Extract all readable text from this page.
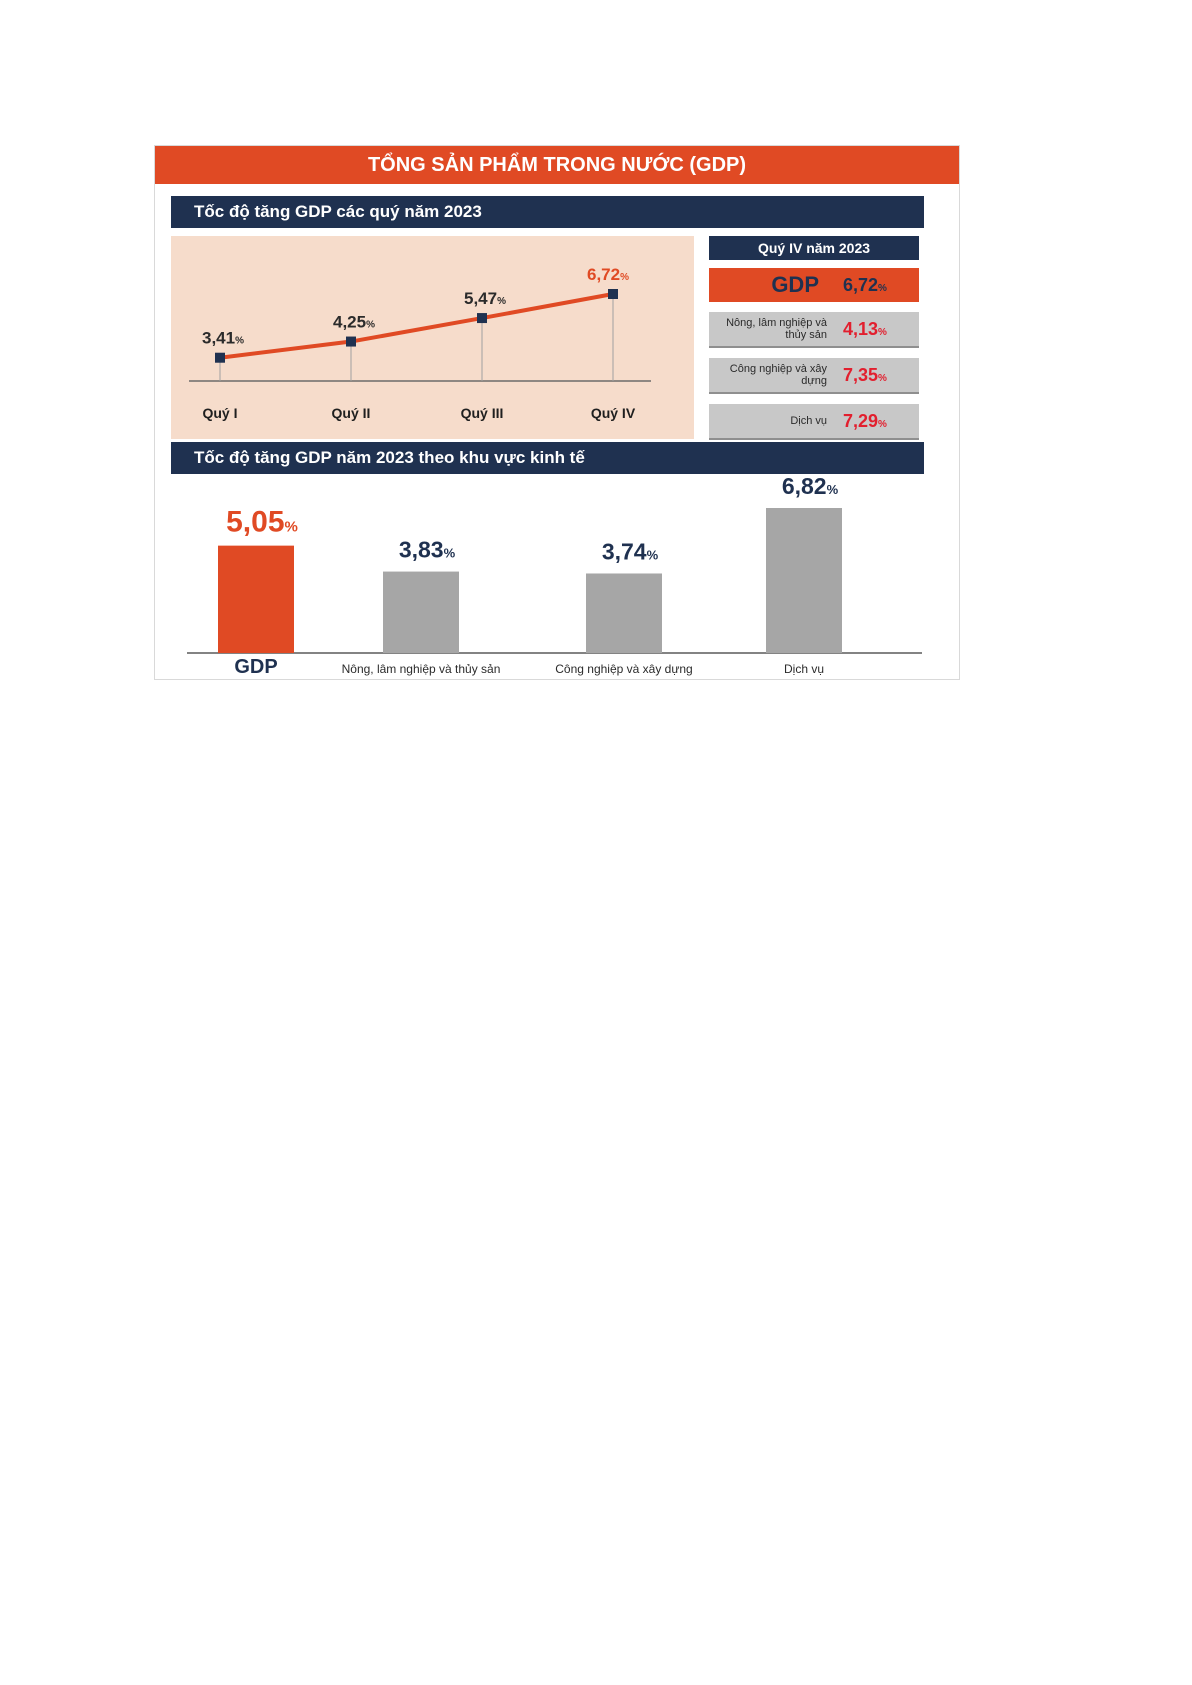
TỔNG SẢN PHẨM TRONG NƯỚC (GDP)
Tốc độ tăng GDP các quý năm 2023
3,41%
Quý I
4,25%
Quý II
5,47%
Quý III
6,72%
Quý IV
Quý IV năm 2023
GDP 6,72%
Nông, lâm nghiệp và thủy sản 4,13%
Công nghiệp và xây dựng 7,35%
Dịch vụ 7,29%
Tốc độ tăng GDP năm 2023 theo khu vực kinh tế
5,05%
GDP
3,83%
Nông, lâm nghiệp và thủy sản
3,74%
Công nghiệp và xây dựng
6,82%
Dịch vụ
